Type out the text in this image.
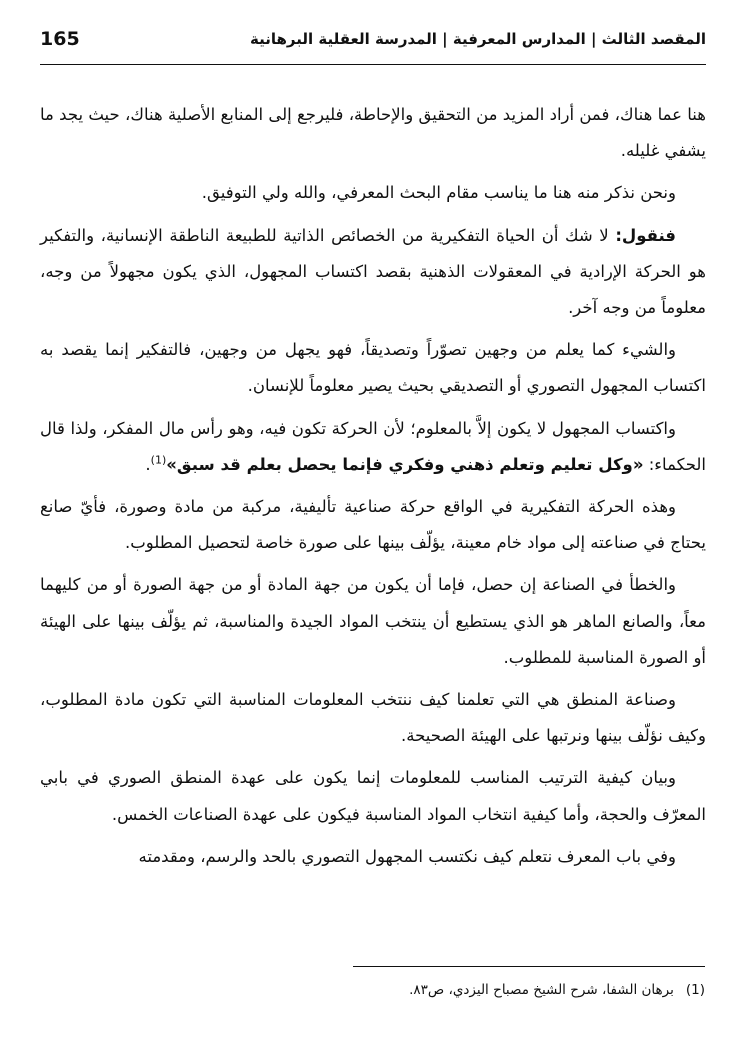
165	المقصد الثالث | المدارس المعرفية | المدرسة العقلية البرهانية

هنا عما هناك، فمن أراد المزيد من التحقيق والإحاطة، فليرجع إلى المنابع الأصلية هناك، حيث يجد ما يشفي غليله.

ونحن نذكر منه هنا ما يناسب مقام البحث المعرفي، والله ولي التوفيق.

فنقول: لا شك أن الحياة التفكيرية من الخصائص الذاتية للطبيعة الناطقة الإنسانية، والتفكير هو الحركة الإرادية في المعقولات الذهنية بقصد اكتساب المجهول، الذي يكون مجهولاً من وجه، معلوماً من وجه آخر.

والشيء كما يعلم من وجهين تصوّراً وتصديقاً، فهو يجهل من وجهين، فالتفكير إنما يقصد به اكتساب المجهول التصوري أو التصديقي بحيث يصير معلوماً للإنسان.

واكتساب المجهول لا يكون إلاَّ بالمعلوم؛ لأن الحركة تكون فيه، وهو رأس مال المفكر، ولذا قال الحكماء: «وكل تعليم وتعلم ذهني وفكري فإنما يحصل بعلم قد سبق»$^{(1)}$.

وهذه الحركة التفكيرية في الواقع حركة صناعية تأليفية، مركبة من مادة وصورة، فأيّ صانع يحتاج في صناعته إلى مواد خام معينة، يؤلّف بينها على صورة خاصة لتحصيل المطلوب.

والخطأ في الصناعة إن حصل، فإما أن يكون من جهة المادة أو من جهة الصورة أو من كليهما معاً، والصانع الماهر هو الذي يستطيع أن ينتخب المواد الجيدة والمناسبة، ثم يؤلّف بينها على الهيئة أو الصورة المناسبة للمطلوب.

وصناعة المنطق هي التي تعلمنا كيف ننتخب المعلومات المناسبة التي تكون مادة المطلوب، وكيف نؤلّف بينها ونرتبها على الهيئة الصحيحة.

وبيان كيفية الترتيب المناسب للمعلومات إنما يكون على عهدة المنطق الصوري في بابي المعرّف والحجة، وأما كيفية انتخاب المواد المناسبة فيكون على عهدة الصناعات الخمس.

وفي باب المعرف نتعلم كيف نكتسب المجهول التصوري بالحد والرسم، ومقدمته

(1)برهان الشفا، شرح الشيخ مصباح اليزدي، ص٨٣.
